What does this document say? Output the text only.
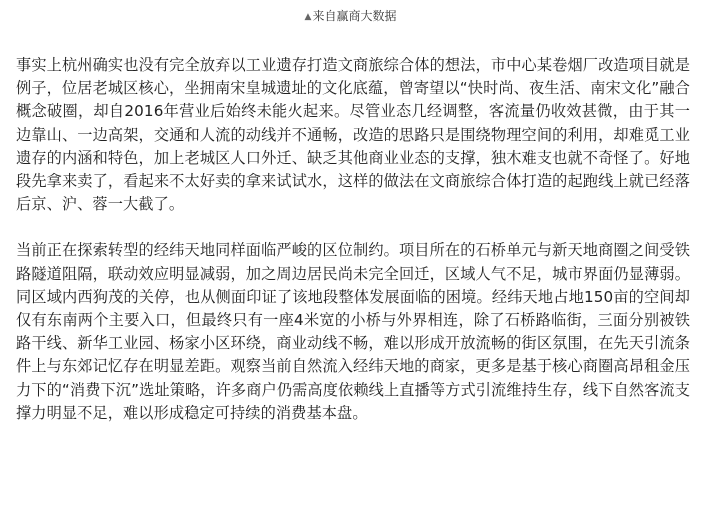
▲来自赢商大数据

事实上杭州确实也没有完全放弃以工业遗存打造文商旅综合体的想法，市中心某卷烟厂改造项目就是例子，位居老城区核心，坐拥南宋皇城遗址的文化底蕴，曾寄望以“快时尚、夜生活、南宋文化”融合概念破圈，却自2016年营业后始终未能火起来。尽管业态几经调整，客流量仍收效甚微，由于其一边靠山、一边高架，交通和人流的动线并不通畅，改造的思路只是围绕物理空间的利用，却难觅工业遗存的内涵和特色，加上老城区人口外迁、缺乏其他商业业态的支撑，独木难支也就不奇怪了。好地段先拿来卖了，看起来不太好卖的拿来试试水，这样的做法在文商旅综合体打造的起跑线上就已经落后京、沪、蓉一大截了。

当前正在探索转型的经纬天地同样面临严峻的区位制约。项目所在的石桥单元与新天地商圈之间受铁路隧道阻隔，联动效应明显减弱，加之周边居民尚未完全回迁，区域人气不足，城市界面仍显薄弱。同区域内西狗茂的关停，也从侧面印证了该地段整体发展面临的困境。经纬天地占地150亩的空间却仅有东南两个主要入口，但最终只有一座4米宽的小桥与外界相连，除了石桥路临街，三面分别被铁路干线、新华工业园、杨家小区环绕，商业动线不畅，难以形成开放流畅的街区氛围，在先天引流条件上与东郊记忆存在明显差距。观察当前自然流入经纬天地的商家，更多是基于核心商圈高昂租金压力下的“消费下沉”选址策略，许多商户仍需高度依赖线上直播等方式引流维持生存，线下自然客流支撑力明显不足，难以形成稳定可持续的消费基本盘。
